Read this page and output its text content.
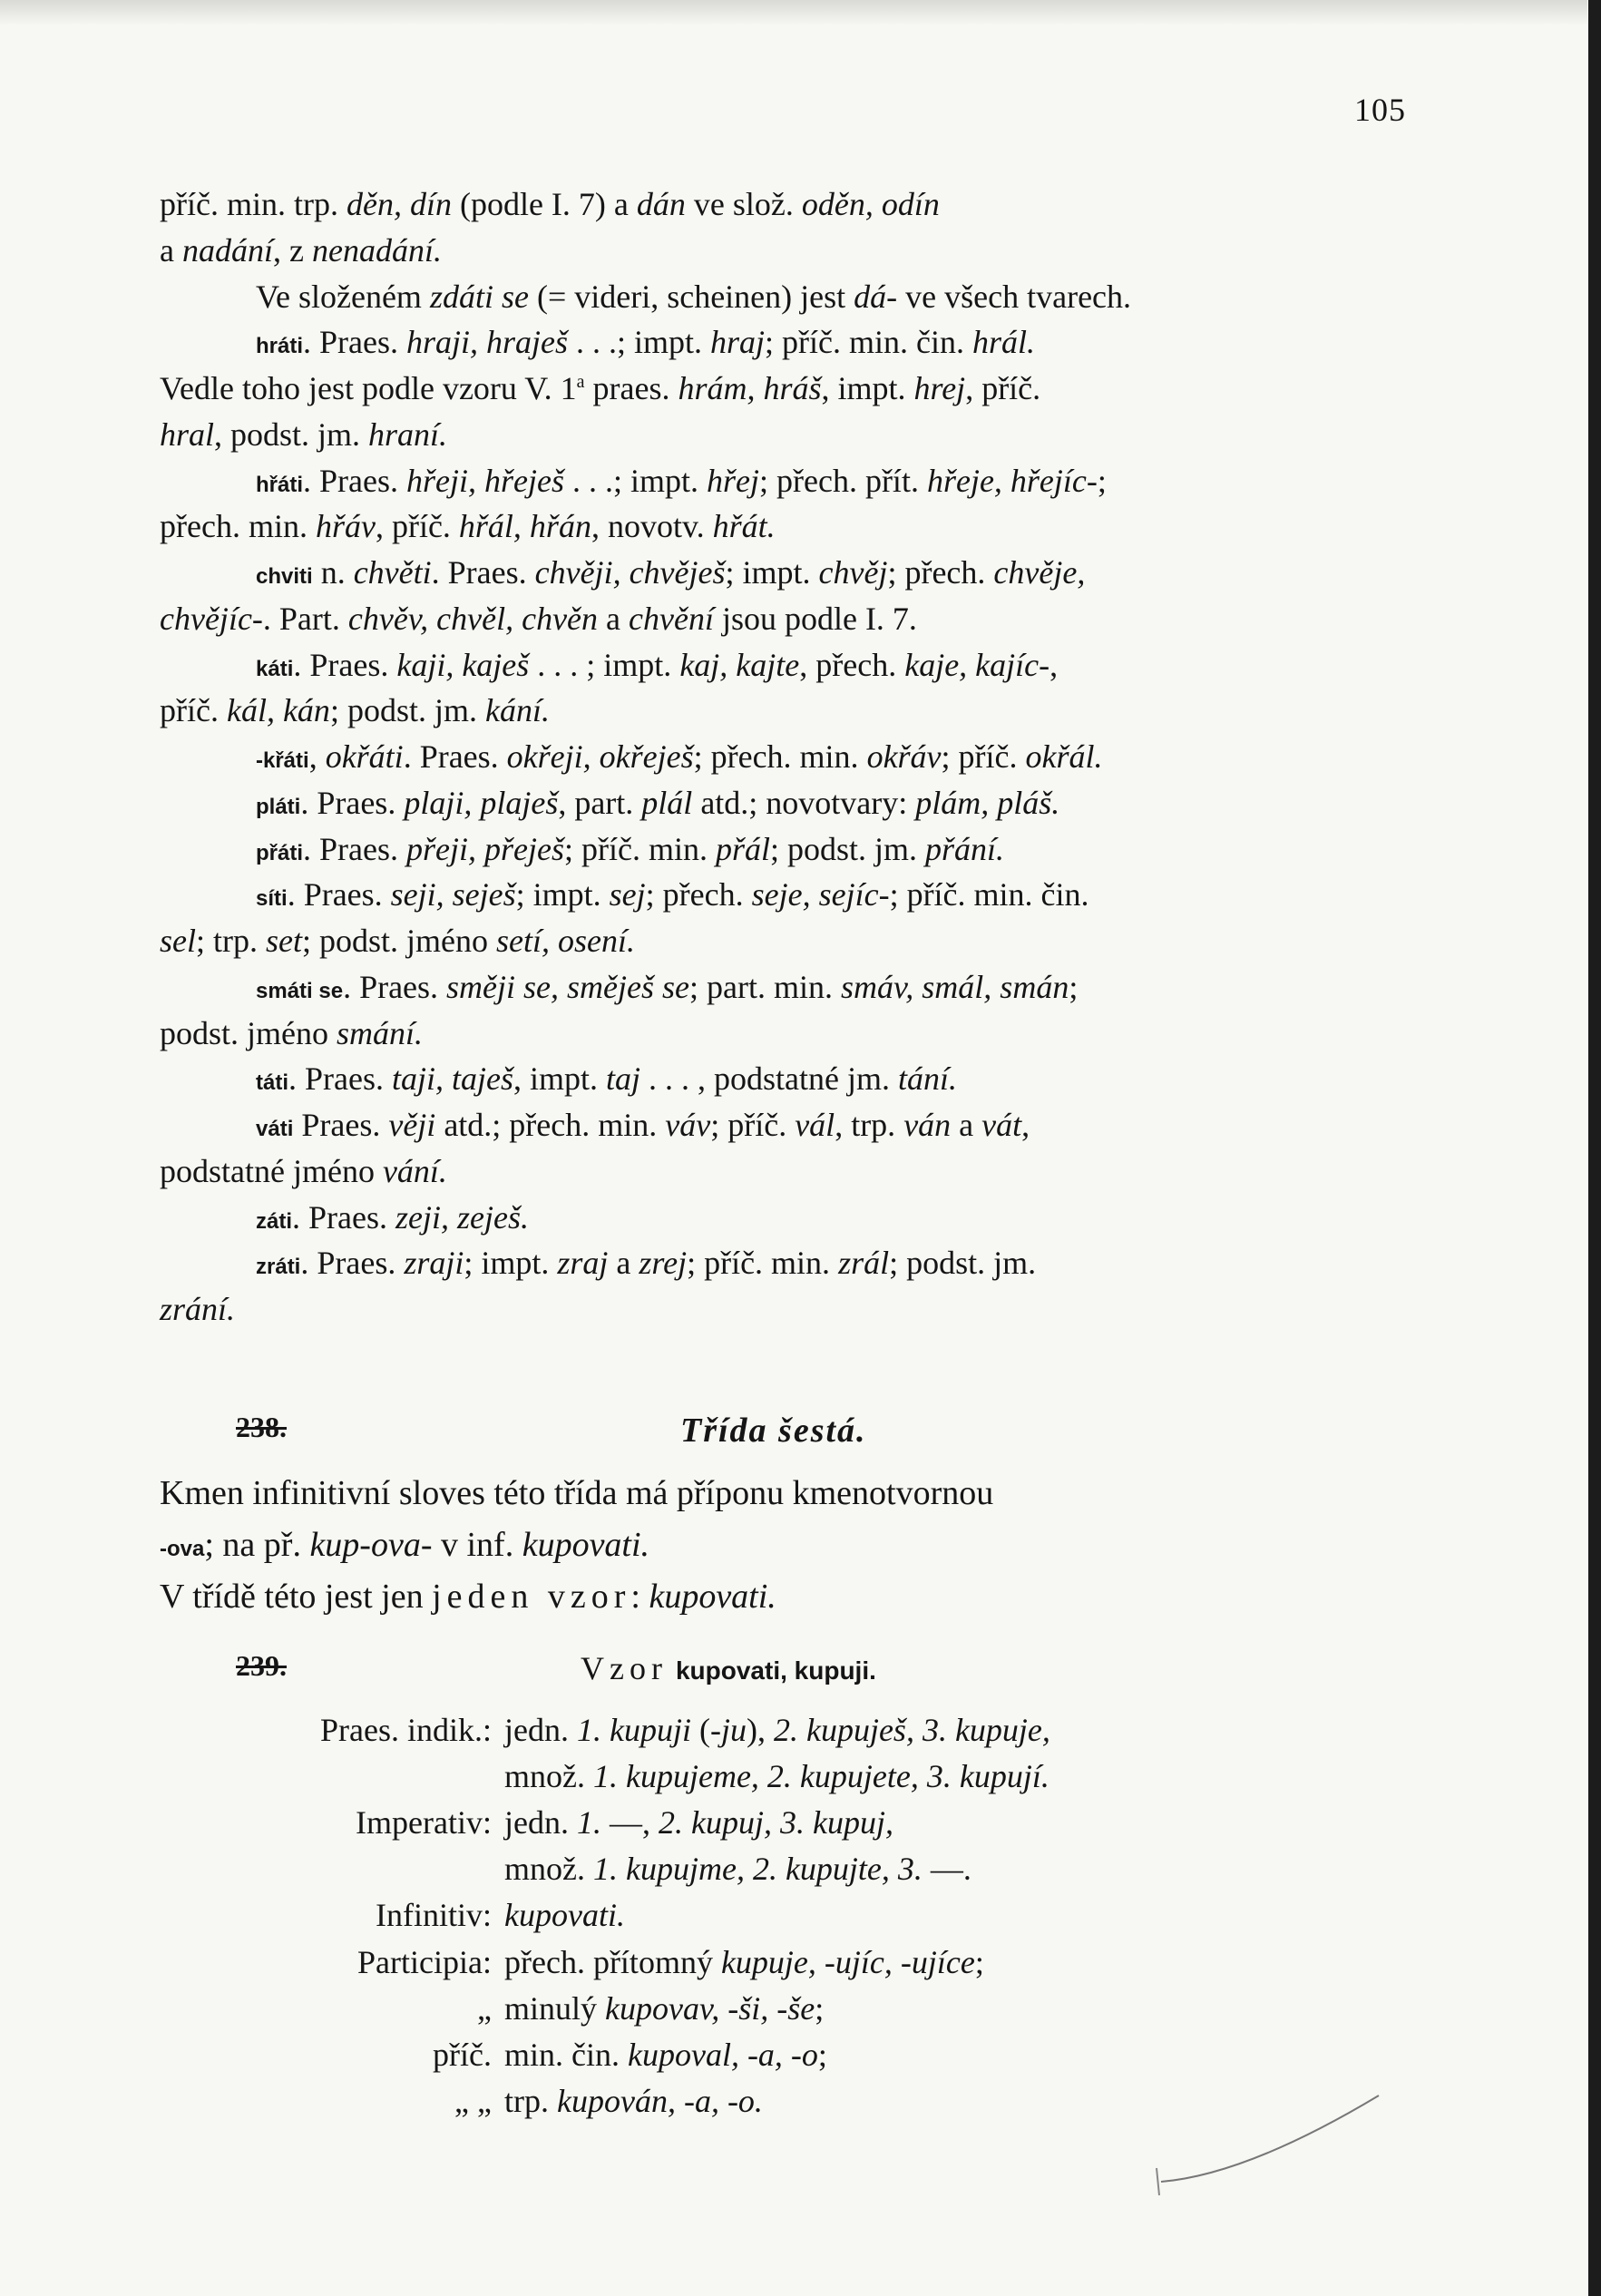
105
příč. min. trp. děn, dín (podle I. 7) a dán ve slož. oděn, odín
a nadání, z nenadání.
Ve složeném zdáti se (= videri, scheinen) jest dá- ve všech tvarech.
hráti. Praes. hraji, hraješ . . .; impt. hraj; příč. min. čin. hrál.
Vedle toho jest podle vzoru V. 1$^a$ praes. hrám, hráš, impt. hrej, příč.
hral, podst. jm. hraní.
hřáti. Praes. hřeji, hřeješ . . .; impt. hřej; přech. přít. hřeje, hřejíc-;
přech. min. hřáv, příč. hřál, hřán, novotv. hřát.
chviti n. chvěti. Praes. chvěji, chvěješ; impt. chvěj; přech. chvěje,
chvějíc-. Part. chvěv, chvěl, chvěn a chvění jsou podle I. 7.
káti. Praes. kaji, kaješ . . . ; impt. kaj, kajte, přech. kaje, kajíc-,
příč. kál, kán; podst. jm. kání.
-křáti, okřáti. Praes. okřeji, okřeješ; přech. min. okřáv; příč. okřál.
pláti. Praes. plaji, plaješ, part. plál atd.; novotvary: plám, pláš.
přáti. Praes. přeji, přeješ; příč. min. přál; podst. jm. přání.
síti. Praes. seji, seješ; impt. sej; přech. seje, sejíc-; příč. min. čin.
sel; trp. set; podst. jméno setí, osení.
smáti se. Praes. směji se, směješ se; part. min. smáv, smál, smán;
podst. jméno smání.
táti. Praes. taji, taješ, impt. taj . . . , podstatné jm. tání.
váti Praes. věji atd.; přech. min. váv; příč. vál, trp. ván a vát,
podstatné jméno vání.
záti. Praes. zeji, zeješ.
zráti. Praes. zraji; impt. zraj a zrej; příč. min. zrál; podst. jm.
zrání.
238.	Třída šestá.
Kmen infinitivní sloves této třída má příponu kmenotvornou
-ova; na př. kup-ova- v inf. kupovati.
V třídě této jest jen jeden vzor: kupovati.
239.	Vzor kupovati, kupuji.
Praes. indik.: jedn. 1. kupuji (-ju), 2. kupuješ, 3. kupuje,
množ. 1. kupujeme, 2. kupujete, 3. kupují.
Imperativ: jedn. 1. —, 2. kupuj, 3. kupuj,
množ. 1. kupujme, 2. kupujte, 3. —.
Infinitiv: kupovati.
Participia: přech. přítomný kupuje, -ujíc, -ujíce;
„ minulý kupovav, -ši, -še;
příč. min. čin. kupoval, -a, -o;
„ „ trp. kupován, -a, -o.
